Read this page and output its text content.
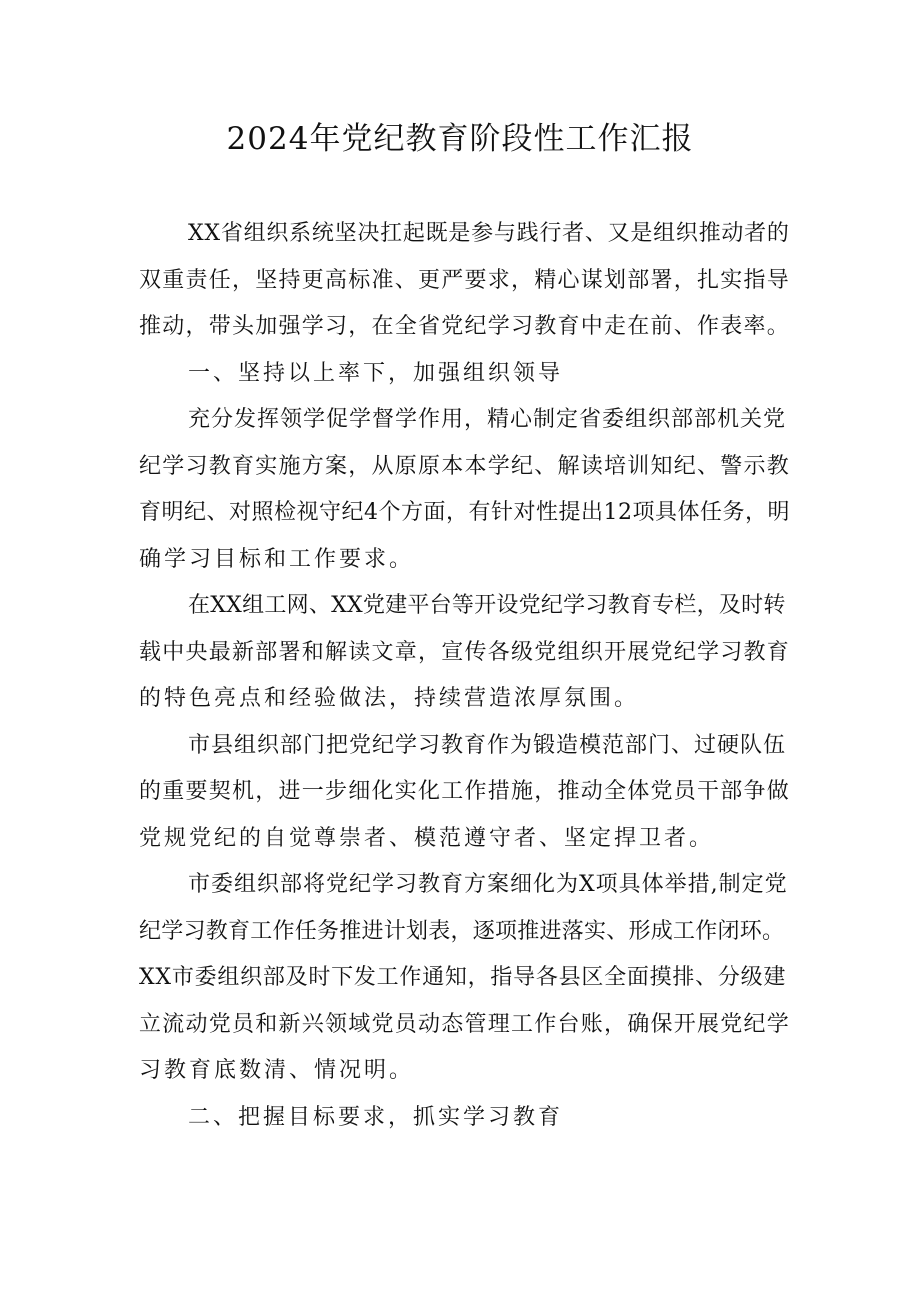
2024年党纪教育阶段性工作汇报

XX省组织系统坚决扛起既是参与践行者、又是组织推动者的

双重责任，坚持更高标准、更严要求，精心谋划部署，扎实指导

推动，带头加强学习，在全省党纪学习教育中走在前、作表率。

一、坚持以上率下，加强组织领导

充分发挥领学促学督学作用，精心制定省委组织部部机关党

纪学习教育实施方案，从原原本本学纪、解读培训知纪、警示教

育明纪、对照检视守纪4个方面，有针对性提出12项具体任务，明

确学习目标和工作要求。

在XX组工网、XX党建平台等开设党纪学习教育专栏，及时转

载中央最新部署和解读文章，宣传各级党组织开展党纪学习教育

的特色亮点和经验做法，持续营造浓厚氛围。

市县组织部门把党纪学习教育作为锻造模范部门、过硬队伍

的重要契机，进一步细化实化工作措施，推动全体党员干部争做

党规党纪的自觉尊崇者、模范遵守者、坚定捍卫者。

市委组织部将党纪学习教育方案细化为X项具体举措,制定党

纪学习教育工作任务推进计划表，逐项推进落实、形成工作闭环。

XX市委组织部及时下发工作通知，指导各县区全面摸排、分级建

立流动党员和新兴领域党员动态管理工作台账，确保开展党纪学

习教育底数清、情况明。

二、把握目标要求，抓实学习教育
